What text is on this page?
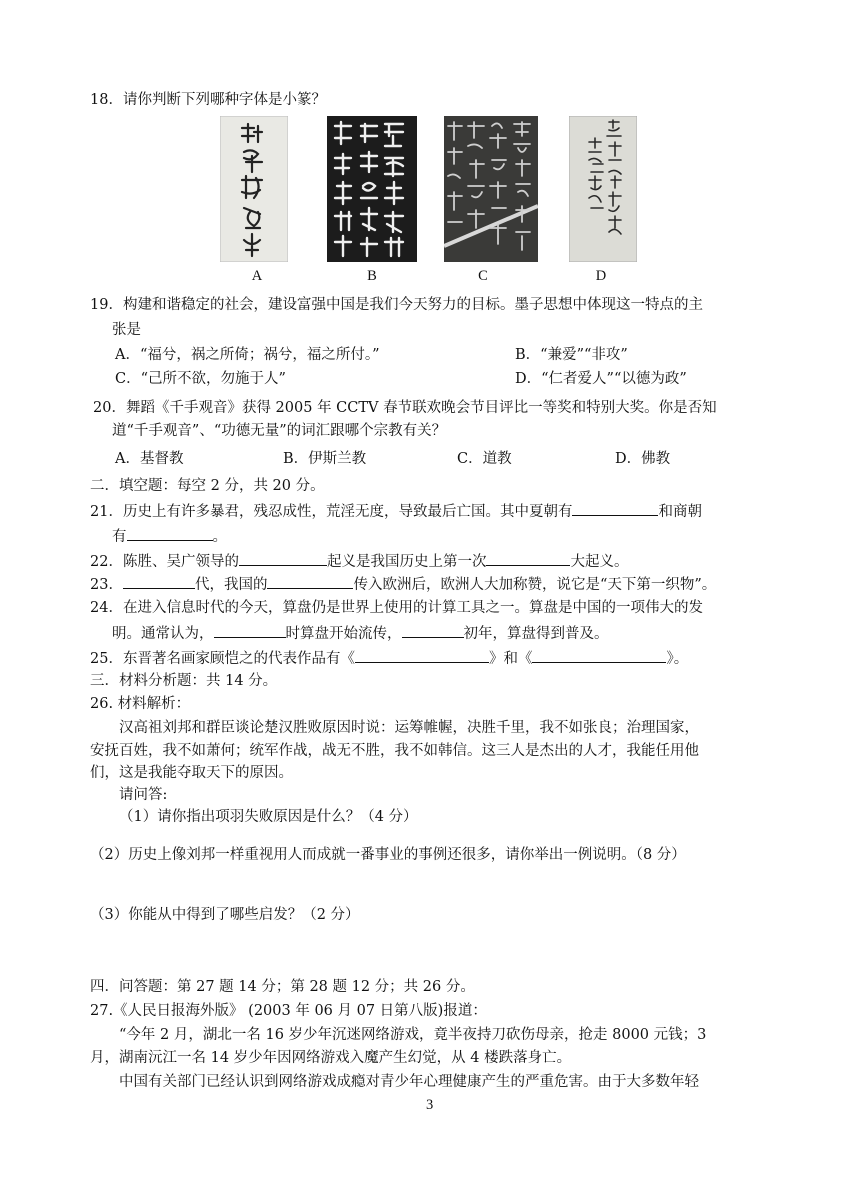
18．请你判断下列哪种字体是小篆？
A	B	C	D
19．构建和谐稳定的社会，建设富强中国是我们今天努力的目标。墨子思想中体现这一特点的主
张是
A．“福兮，祸之所倚；祸兮，福之所付。”	B．“兼爱”“非攻”
C．“己所不欲，勿施于人”	D．“仁者爱人”“以德为政”
20．舞蹈《千手观音》获得 2005 年 CCTV 春节联欢晚会节目评比一等奖和特别大奖。你是否知
道“千手观音”、“功德无量”的词汇跟哪个宗教有关？
A．基督教	B．伊斯兰教	C．道教	D．佛教
二．填空题：每空 2 分，共 20 分。
21．历史上有许多暴君，残忍成性，荒淫无度，导致最后亡国。其中夏朝有	和商朝
有	。
22．陈胜、吴广领导的	起义是我国历史上第一次	大起义。
23．	代，我国的	传入欧洲后，欧洲人大加称赞，说它是“天下第一织物”。
24．在进入信息时代的今天，算盘仍是世界上使用的计算工具之一。算盘是中国的一项伟大的发
明。通常认为，	时算盘开始流传，	初年，算盘得到普及。
25．东晋著名画家顾恺之的代表作品有《	》和《	》。
三．材料分析题：共 14 分。
26. 材料解析：
汉高祖刘邦和群臣谈论楚汉胜败原因时说：运筹帷幄，决胜千里，我不如张良；治理国家，
安抚百姓，我不如萧何；统军作战，战无不胜，我不如韩信。这三人是杰出的人才，我能任用他
们，这是我能夺取天下的原因。
请问答:
（1）请你指出项羽失败原因是什么？（4 分）
（2）历史上像刘邦一样重视用人而成就一番事业的事例还很多，请你举出一例说明。（8 分）
（3）你能从中得到了哪些启发？（2 分）
四．问答题：第 27 题 14 分；第 28 题 12 分；共 26 分。
27.《人民日报海外版》 (2003 年 06 月 07 日第八版)报道：
“今年 2 月，湖北一名 16 岁少年沉迷网络游戏，竟半夜持刀砍伤母亲，抢走 8000 元钱；3
月，湖南沅江一名 14 岁少年因网络游戏入魔产生幻觉，从 4 楼跌落身亡。
中国有关部门已经认识到网络游戏成瘾对青少年心理健康产生的严重危害。由于大多数年轻
3
